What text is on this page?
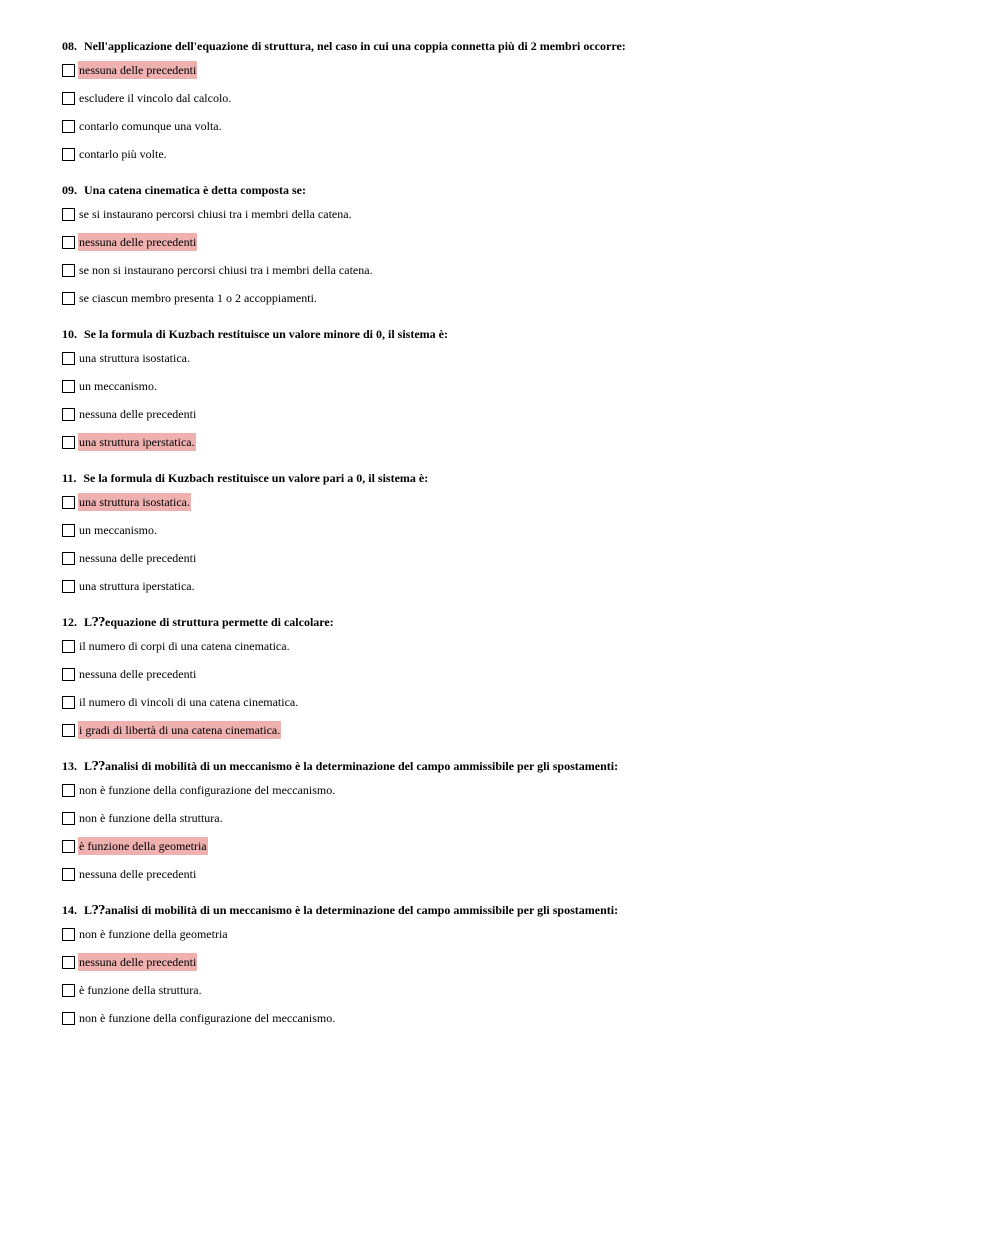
08. Nell'applicazione dell'equazione di struttura, nel caso in cui una coppia connetta più di 2 membri occorre:
nessuna delle precedenti
escludere il vincolo dal calcolo.
contarlo comunque una volta.
contarlo più volte.
09. Una catena cinematica è detta composta se:
se si instaurano percorsi chiusi tra i membri della catena.
nessuna delle precedenti
se non si instaurano percorsi chiusi tra i membri della catena.
se ciascun membro presenta 1 o 2 accoppiamenti.
10. Se la formula di Kuzbach restituisce un valore minore di 0, il sistema è:
una struttura isostatica.
un meccanismo.
nessuna delle precedenti
una struttura iperstatica.
11. Se la formula di Kuzbach restituisce un valore pari a 0, il sistema è:
una struttura isostatica.
un meccanismo.
nessuna delle precedenti
una struttura iperstatica.
12. L⁇equazione di struttura permette di calcolare:
il numero di corpi di una catena cinematica.
nessuna delle precedenti
il numero di vincoli di una catena cinematica.
i gradi di libertà di una catena cinematica.
13. L⁇analisi di mobilità di un meccanismo è la determinazione del campo ammissibile per gli spostamenti:
non è funzione della configurazione del meccanismo.
non è funzione della struttura.
è funzione della geometria
nessuna delle precedenti
14. L⁇analisi di mobilità di un meccanismo è la determinazione del campo ammissibile per gli spostamenti:
non è funzione della geometria
nessuna delle precedenti
è funzione della struttura.
non è funzione della configurazione del meccanismo.
